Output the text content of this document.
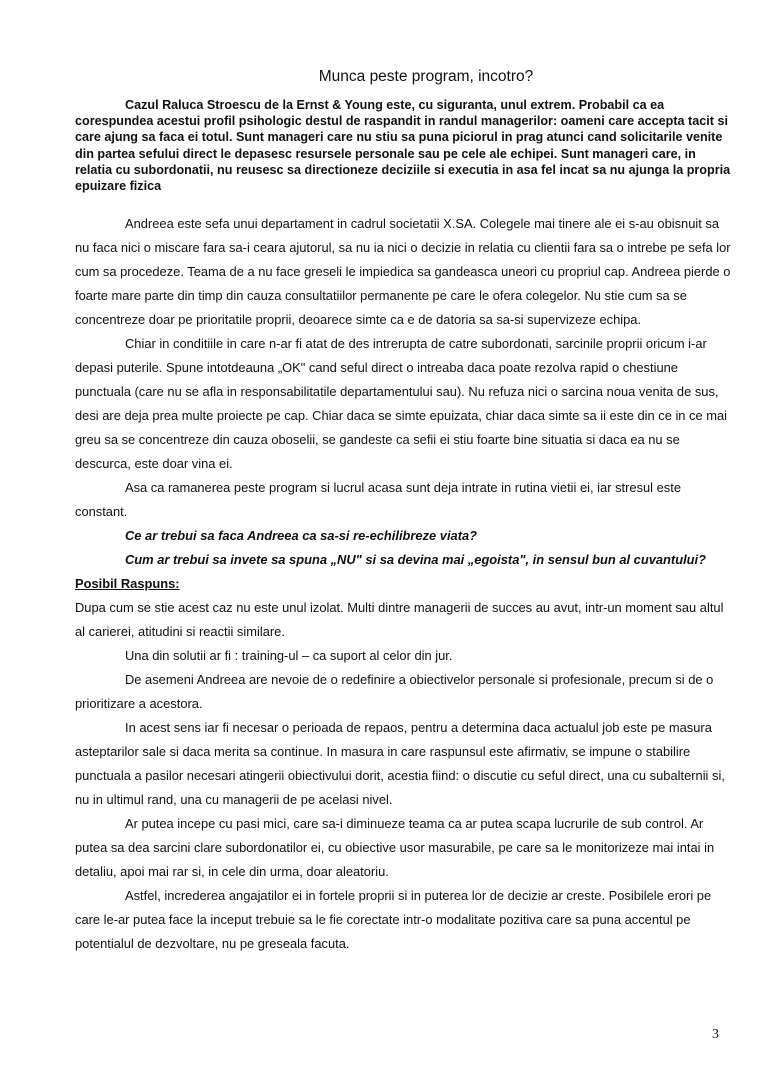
Munca peste program, incotro?

Cazul Raluca Stroescu de la Ernst & Young este, cu siguranta, unul extrem. Probabil ca ea corespundea acestui profil psihologic destul de raspandit in randul managerilor: oameni care accepta tacit si care ajung sa faca ei totul. Sunt manageri care nu stiu sa puna piciorul in prag atunci cand solicitarile venite din partea sefului direct le depasesc resursele personale sau pe cele ale echipei. Sunt manageri care, in relatia cu subordonatii, nu reusesc sa directioneze deciziile si executia in asa fel incat sa nu ajunga la propria epuizare fizica

Andreea este sefa unui departament in cadrul societatii X.SA. Colegele mai tinere ale ei s-au obisnuit sa nu faca nici o miscare fara sa-i ceara ajutorul, sa nu ia nici o decizie in relatia cu clientii fara sa o intrebe pe sefa lor cum sa procedeze. Teama de a nu face greseli le impiedica sa gandeasca uneori cu propriul cap. Andreea pierde o foarte mare parte din timp din cauza consultatiilor permanente pe care le ofera colegelor. Nu stie cum sa se concentreze doar pe prioritatile proprii, deoarece simte ca e de datoria sa sa-si supervizeze echipa.

Chiar in conditiile in care n-ar fi atat de des intrerupta de catre subordonati, sarcinile proprii oricum i-ar depasi puterile. Spune intotdeauna „OK" cand seful direct o intreaba daca poate rezolva rapid o chestiune punctuala (care nu se afla in responsabilitatile departamentului sau). Nu refuza nici o sarcina noua venita de sus, desi are deja prea multe proiecte pe cap. Chiar daca se simte epuizata, chiar daca simte sa ii este din ce in ce mai greu sa se concentreze din cauza oboselii, se gandeste ca sefii ei stiu foarte bine situatia si daca ea nu se descurca, este doar vina ei.

Asa ca ramanerea peste program si lucrul acasa sunt deja intrate in rutina vietii ei, iar stresul este constant.

Ce ar trebui sa faca Andreea ca sa-si re-echilibreze viata?

Cum ar trebui sa invete sa spuna „NU" si sa devina mai „egoista", in sensul bun al cuvantului?

Posibil Raspuns:

Dupa cum se stie acest caz nu este unul izolat. Multi dintre managerii de succes au avut, intr-un moment sau altul al carierei, atitudini si reactii similare.

Una din solutii ar fi : training-ul – ca suport al celor din jur.

De asemeni Andreea are nevoie de o redefinire a obiectivelor personale si profesionale, precum si de o prioritizare a acestora.

In acest sens iar fi necesar o perioada de repaos, pentru a determina daca actualul job este pe masura asteptarilor sale si daca merita sa continue. In masura in care raspunsul este afirmativ, se impune o stabilire punctuala a pasilor necesari atingerii obiectivului dorit, acestia fiind: o discutie cu seful direct, una cu subalternii si, nu in ultimul rand, una cu managerii de pe acelasi nivel.

Ar putea incepe cu pasi mici, care sa-i diminueze teama ca ar putea scapa lucrurile de sub control. Ar putea sa dea sarcini clare subordonatilor ei, cu obiective usor masurabile, pe care sa le monitorizeze mai intai in detaliu, apoi mai rar si, in cele din urma, doar aleatoriu.

Astfel, increderea angajatilor ei in fortele proprii si in puterea lor de decizie ar creste. Posibilele erori pe care le-ar putea face la inceput trebuie sa le fie corectate intr-o modalitate pozitiva care sa puna accentul pe potentialul de dezvoltare, nu pe greseala facuta.

3
